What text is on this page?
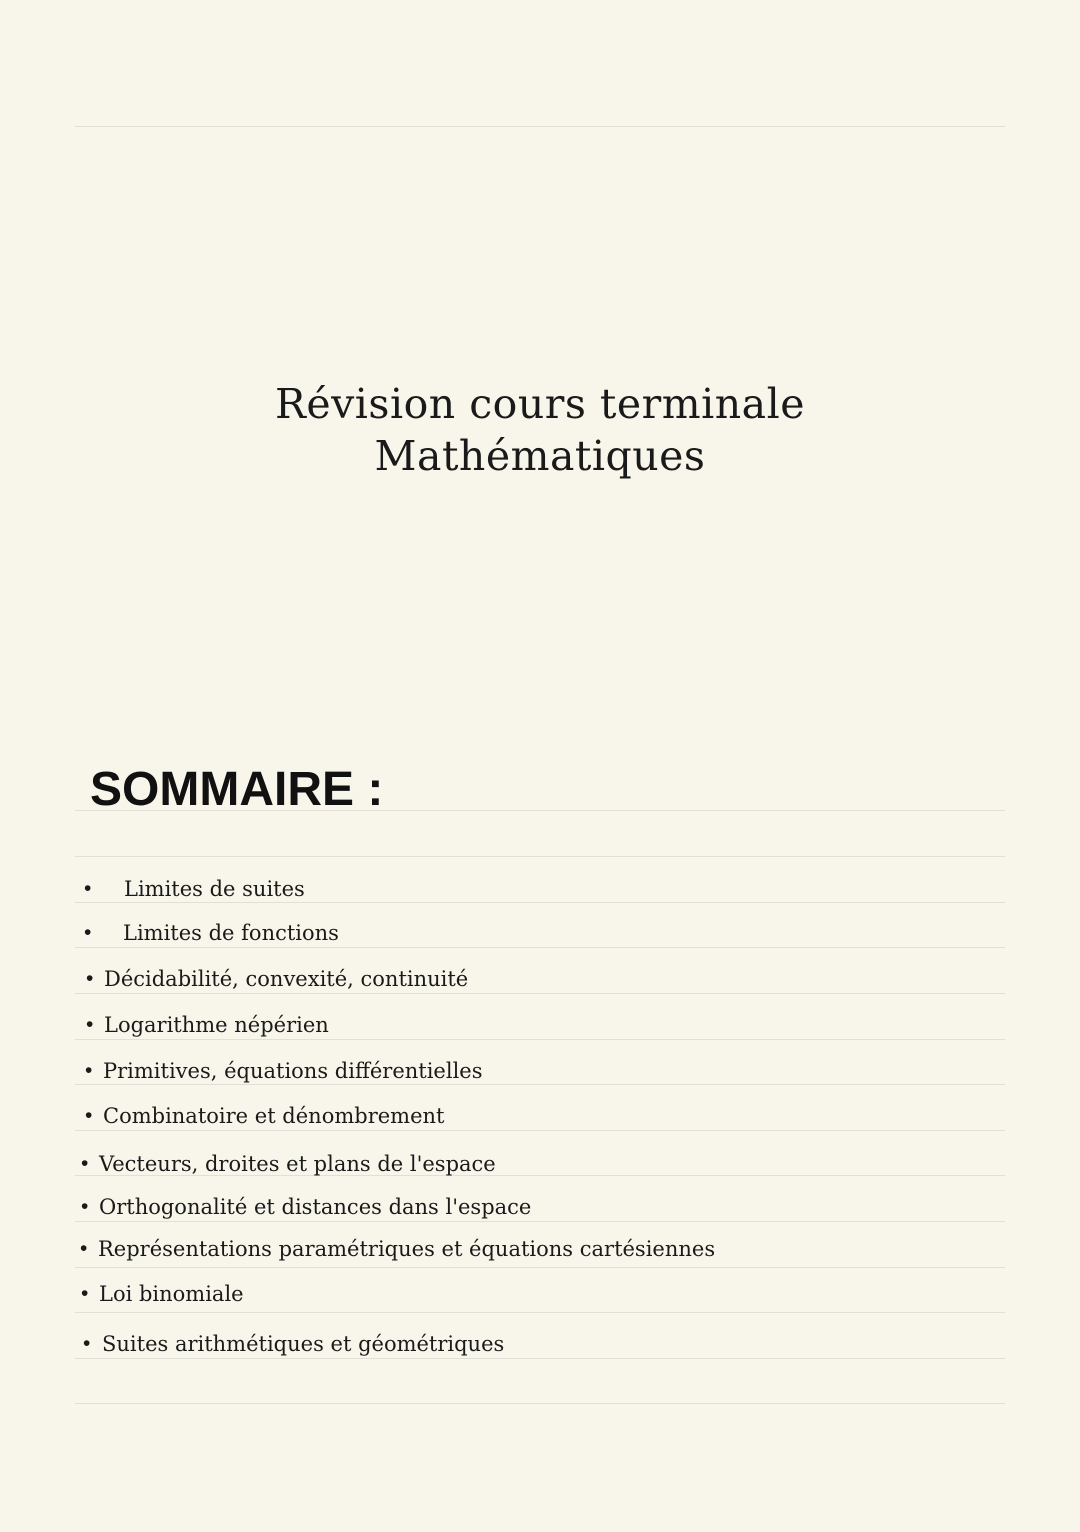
Révision cours terminale
Mathématiques
SOMMAIRE :
• Limites de suites
• Limites de fonctions
• Décidabilité, convexité, continuité
• Logarithme népérien
• Primitives, équations différentielles
• Combinatoire et dénombrement
• Vecteurs, droites et plans de l'espace
• Orthogonalité et distances dans l'espace
• Représentations paramétriques et équations cartésiennes
• Loi binomiale
• Suites arithmétiques et géométriques
